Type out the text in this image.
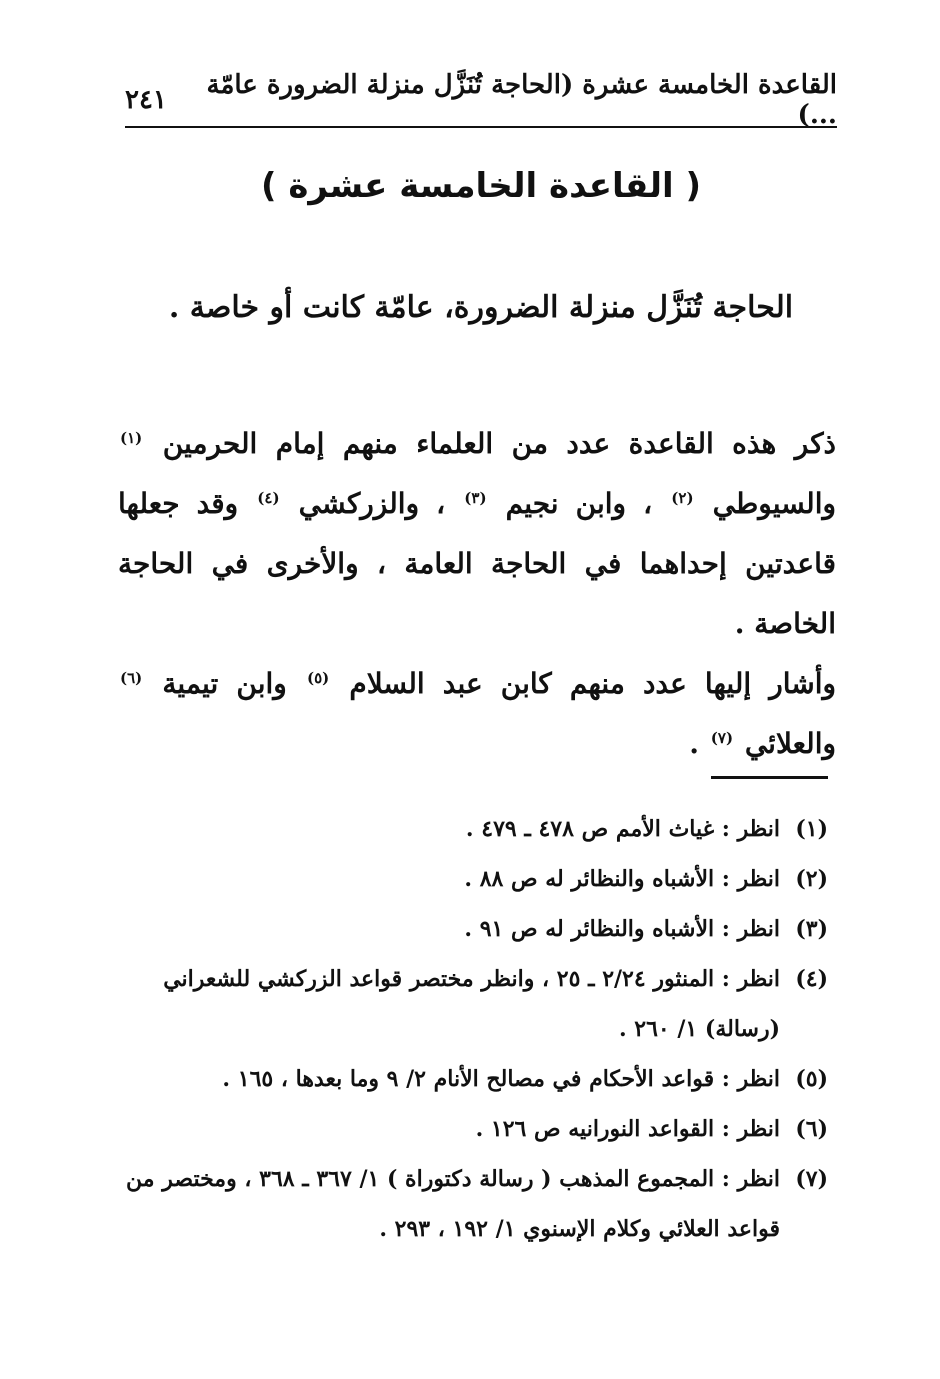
القاعدة الخامسة عشرة (الحاجة تُنَزَّل منزلة الضرورة عامّة ...)
٢٤١
( القاعدة الخامسة عشرة )
الحاجة تُنَزَّل منزلة الضرورة، عامّة كانت أو خاصة .

ذكر هذه القاعدة عدد من العلماء منهم إمام الحرمين $^{(١)}$ والسيوطي $^{(٢)}$ ، وابن نجيم $^{(٣)}$ ، والزركشي $^{(٤)}$ وقد جعلها قاعدتين إحداهما في الحاجة العامة ، والأخرى في الحاجة الخاصة .

وأشار إليها عدد منهم كابن عبد السلام $^{(٥)}$ وابن تيمية $^{(٦)}$ والعلائي $^{(٧)}$ .

(١)
انظر : غياث الأمم ص ٤٧٨ ـ ٤٧٩ .
(٢)
انظر : الأشباه والنظائر له ص ٨٨ .
(٣)
انظر : الأشباه والنظائر له ص ٩١ .
(٤)
انظر : المنثور ٢/٢٤ ـ ٢٥ ، وانظر مختصر قواعد الزركشي للشعراني (رسالة) ١/ ٢٦٠ .
(٥)
انظر : قواعد الأحكام في مصالح الأنام ٢/ ٩ وما بعدها ، ١٦٥ .
(٦)
انظر : القواعد النورانيه ص ١٢٦ .
(٧)
انظر : المجموع المذهب ( رسالة دكتوراة ) ١/ ٣٦٧ ـ ٣٦٨ ، ومختصر من قواعد العلائي وكلام الإسنوي ١/ ١٩٢ ، ٢٩٣ .
